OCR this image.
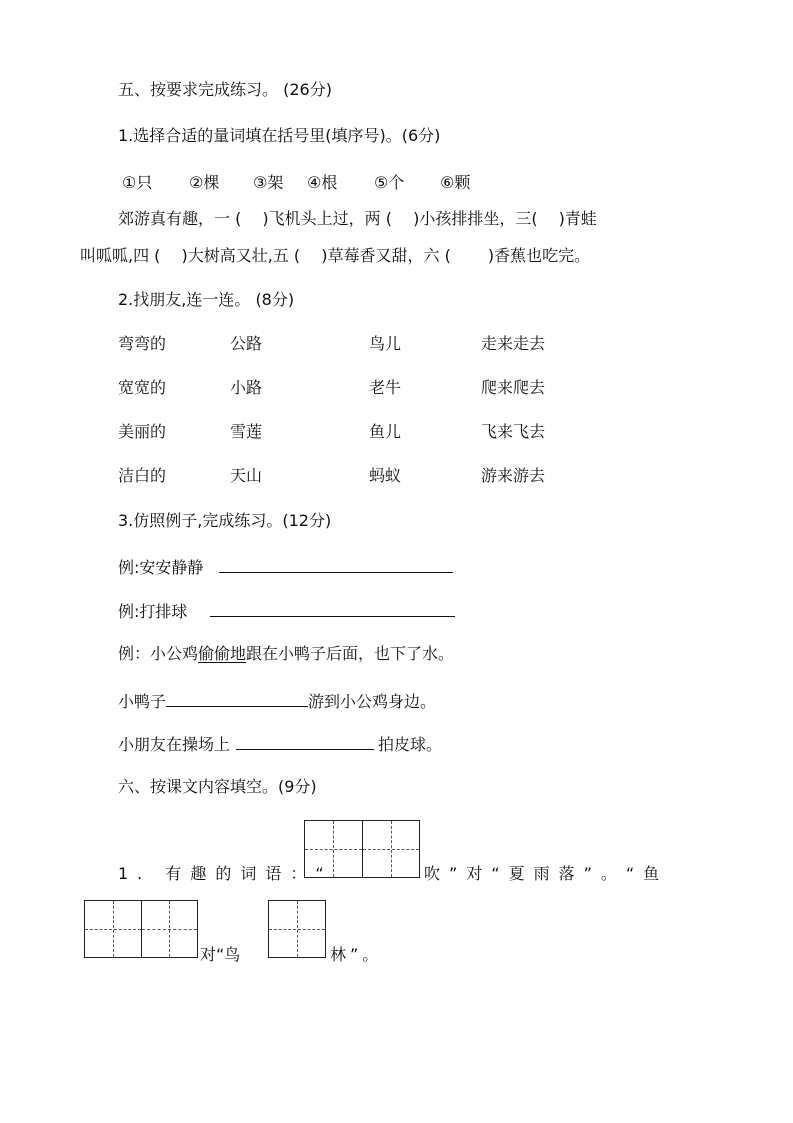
五、按要求完成练习。 (26分)
1.选择合适的量词填在括号里(填序号)。(6分)
①只 ②棵 ③架 ④根 ⑤个 ⑥颗
郊游真有趣，一 (　 )飞机头上过，两 (　 )小孩排排坐，三(　 )青蛙
叫呱呱,四 (　 )大树高又壮,五 (　 )草莓香又甜，六 (　　 )香蕉也吃完。
2.找朋友,连一连。 (8分)
弯弯的	公路	鸟儿	走来走去
宽宽的	小路	老牛	爬来爬去
美丽的	雪莲	鱼儿	飞来飞去
洁白的	天山	蚂蚁	游来游去
3.仿照例子,完成练习。(12分)
例:安安静静
例:打排球
例：小公鸡偷偷地跟在小鸭子后面，也下了水。
小鸭子	游到小公鸡身边。
小朋友在操场上	拍皮球。
六、按课文内容填空。(9分)
1. 有趣的词语：“	吹”对“夏雨落”。“鱼
对“鸟	林”。
